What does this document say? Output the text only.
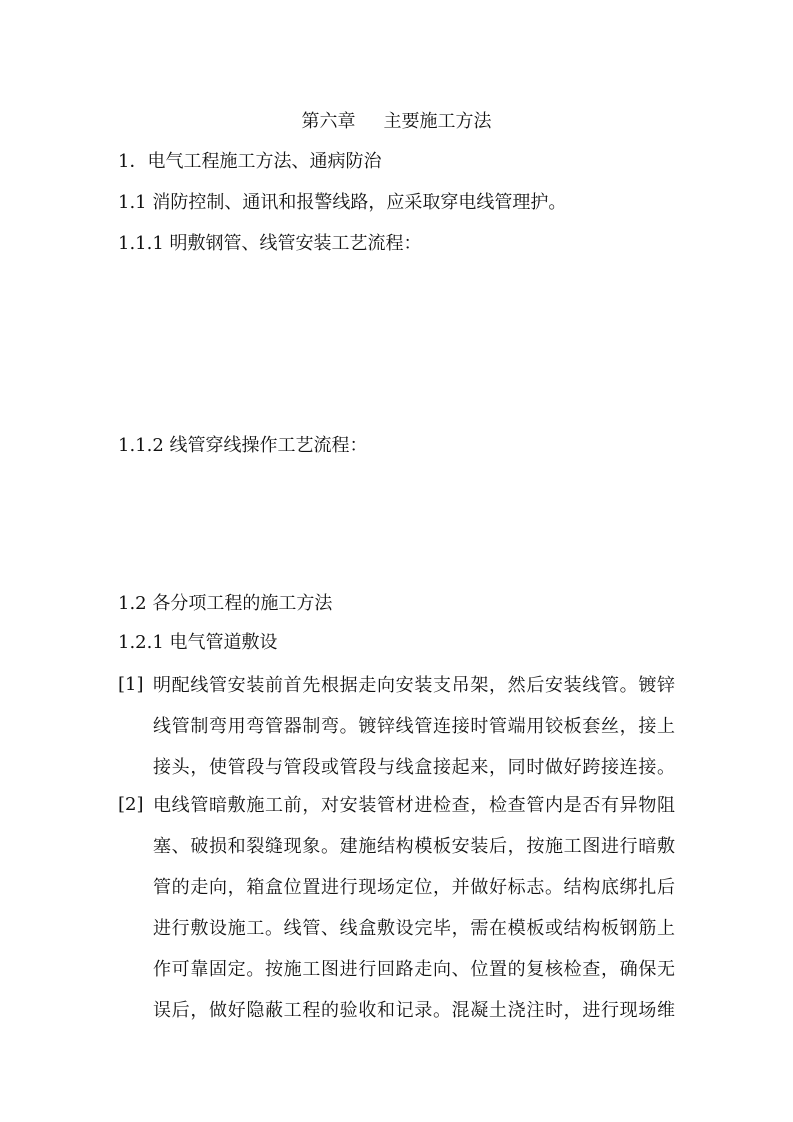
第六章 主要施工方法
1．电气工程施工方法、通病防治
1.1 消防控制、通讯和报警线路，应采取穿电线管理护。
1.1.1 明敷钢管、线管安装工艺流程：
1.1.2 线管穿线操作工艺流程：
1.2 各分项工程的施工方法
1.2.1 电气管道敷设
[1] 明配线管安装前首先根据走向安装支吊架，然后安装线管。镀锌
线管制弯用弯管器制弯。镀锌线管连接时管端用铰板套丝，接上
接头，使管段与管段或管段与线盒接起来，同时做好跨接连接。
[2] 电线管暗敷施工前，对安装管材进检查，检查管内是否有异物阻
塞、破损和裂缝现象。建施结构模板安装后，按施工图进行暗敷
管的走向，箱盒位置进行现场定位，并做好标志。结构底绑扎后
进行敷设施工。线管、线盒敷设完毕，需在模板或结构板钢筋上
作可靠固定。按施工图进行回路走向、位置的复核检查，确保无
误后，做好隐蔽工程的验收和记录。混凝土浇注时，进行现场维
